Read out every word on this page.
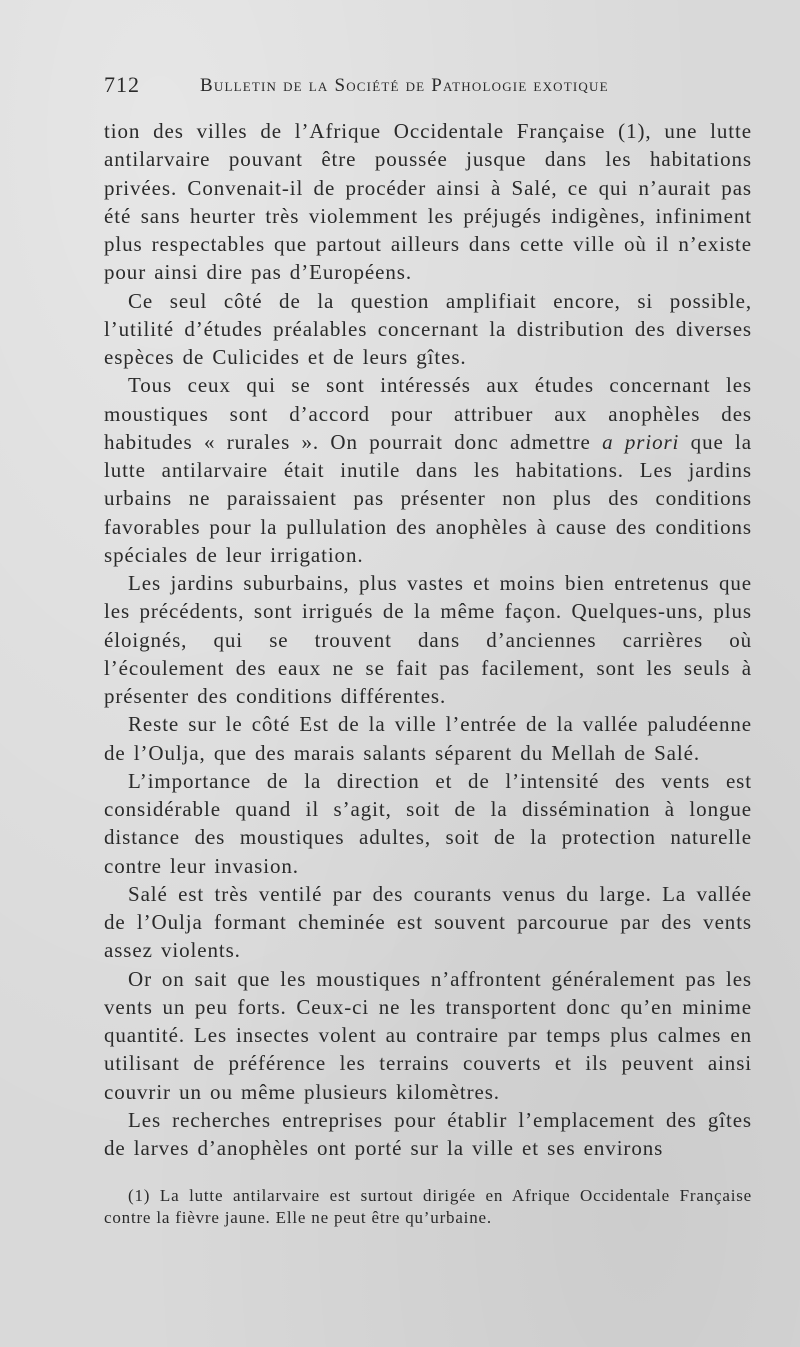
712	Bulletin de la Société de Pathologie exotique

tion des villes de l’Afrique Occidentale Française (1), une lutte antilarvaire pouvant être poussée jusque dans les habitations privées. Convenait-il de procéder ainsi à Salé, ce qui n’aurait pas été sans heurter très violemment les préjugés indigènes, infiniment plus respectables que partout ailleurs dans cette ville où il n’existe pour ainsi dire pas d’Européens.

Ce seul côté de la question amplifiait encore, si possible, l’utilité d’études préalables concernant la distribution des diverses espèces de Culicides et de leurs gîtes.

Tous ceux qui se sont intéressés aux études concernant les moustiques sont d’accord pour attribuer aux anophèles des habitudes « rurales ». On pourrait donc admettre a priori que la lutte antilarvaire était inutile dans les habitations. Les jardins urbains ne paraissaient pas présenter non plus des conditions favorables pour la pullulation des anophèles à cause des conditions spéciales de leur irrigation.

Les jardins suburbains, plus vastes et moins bien entretenus que les précédents, sont irrigués de la même façon. Quelques-uns, plus éloignés, qui se trouvent dans d’anciennes carrières où l’écoulement des eaux ne se fait pas facilement, sont les seuls à présenter des conditions différentes.

Reste sur le côté Est de la ville l’entrée de la vallée paludéenne de l’Oulja, que des marais salants séparent du Mellah de Salé.

L’importance de la direction et de l’intensité des vents est considérable quand il s’agit, soit de la dissémination à longue distance des moustiques adultes, soit de la protection naturelle contre leur invasion.

Salé est très ventilé par des courants venus du large. La vallée de l’Oulja formant cheminée est souvent parcourue par des vents assez violents.

Or on sait que les moustiques n’affrontent généralement pas les vents un peu forts. Ceux-ci ne les transportent donc qu’en minime quantité. Les insectes volent au contraire par temps plus calmes en utilisant de préférence les terrains couverts et ils peuvent ainsi couvrir un ou même plusieurs kilomètres.

Les recherches entreprises pour établir l’emplacement des gîtes de larves d’anophèles ont porté sur la ville et ses environs

(1) La lutte antilarvaire est surtout dirigée en Afrique Occidentale Française contre la fièvre jaune. Elle ne peut être qu’urbaine.
